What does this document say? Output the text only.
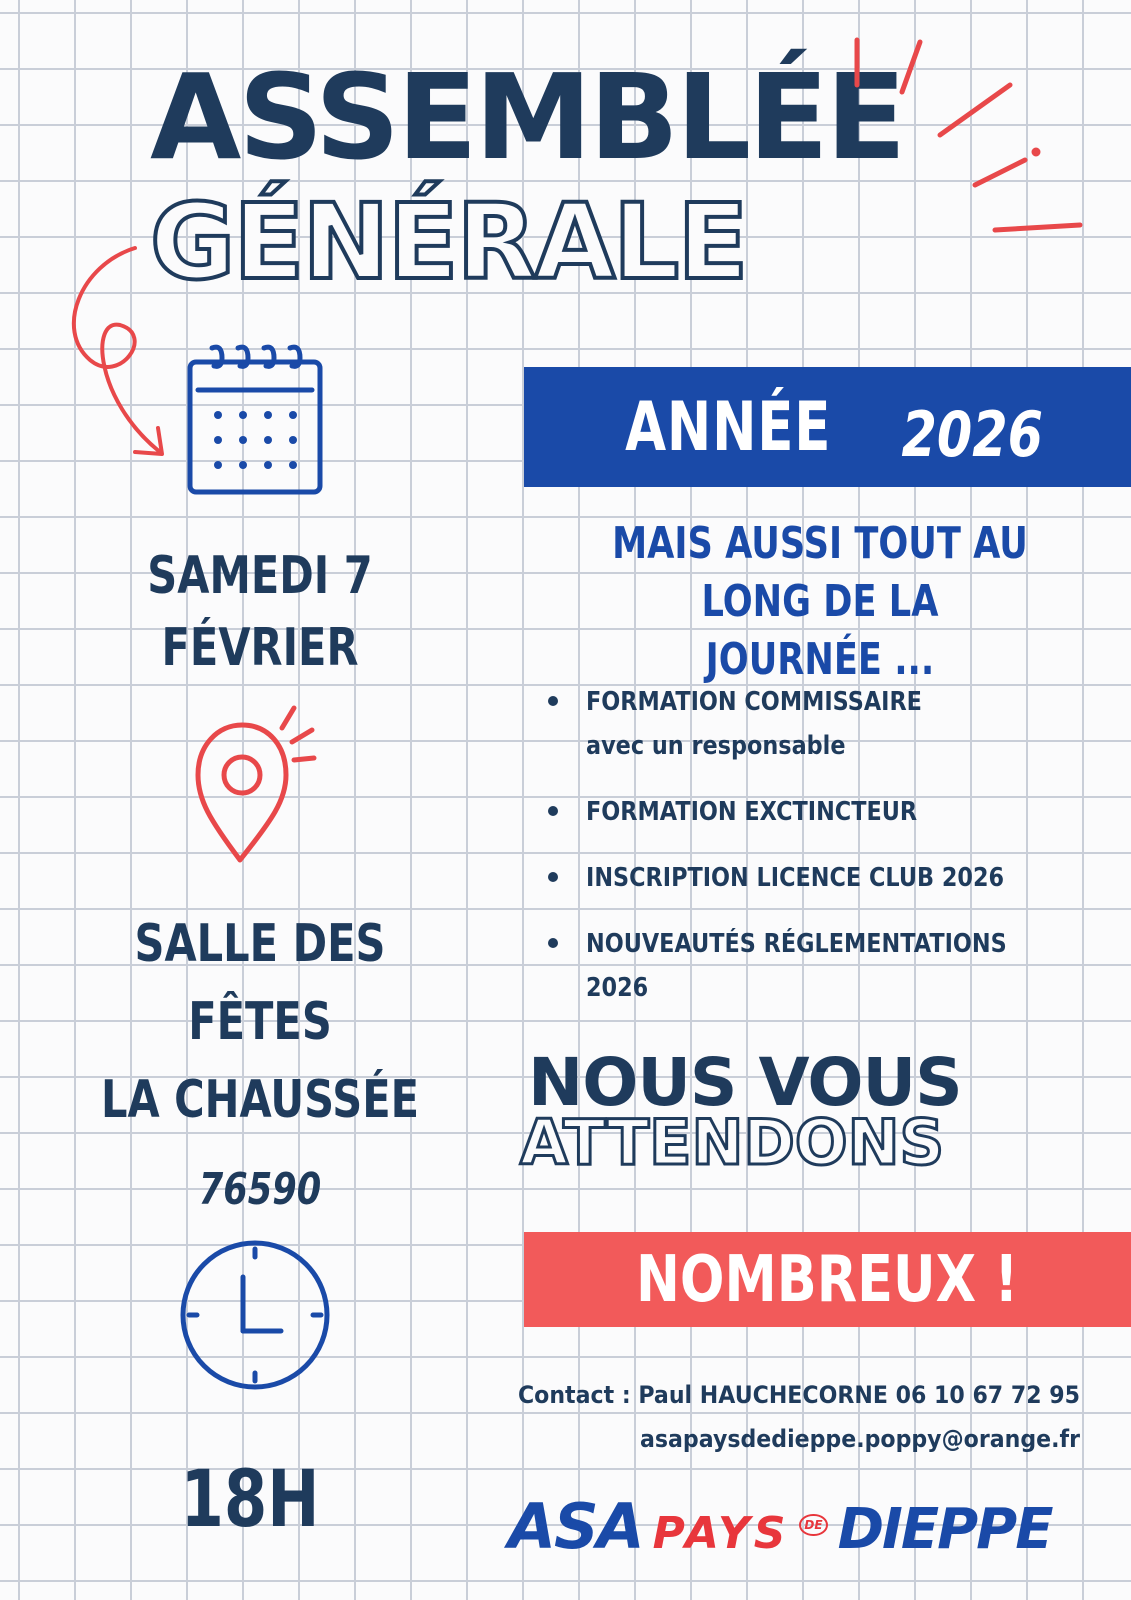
ASSEMBLÉE
GÉNÉRALE
SAMEDI 7
FÉVRIER
SALLE DES
FÊTES
LA CHAUSSÉE
76590
18H
ANNÉE 2026
MAIS AUSSI TOUT AU
LONG DE LA JOURNÉE ...
FORMATION COMMISSAIRE
avec un responsable
FORMATION EXCTINCTEUR
INSCRIPTION LICENCE CLUB 2026
NOUVEAUTÉS RÉGLEMENTATIONS
2026
NOUS VOUS
ATTENDONS
NOMBREUX !
Contact : Paul HAUCHECORNE 06 10 67 72 95
asapaysdedieppe.poppy@orange.fr
ASA PAYS	DE DIEPPE
